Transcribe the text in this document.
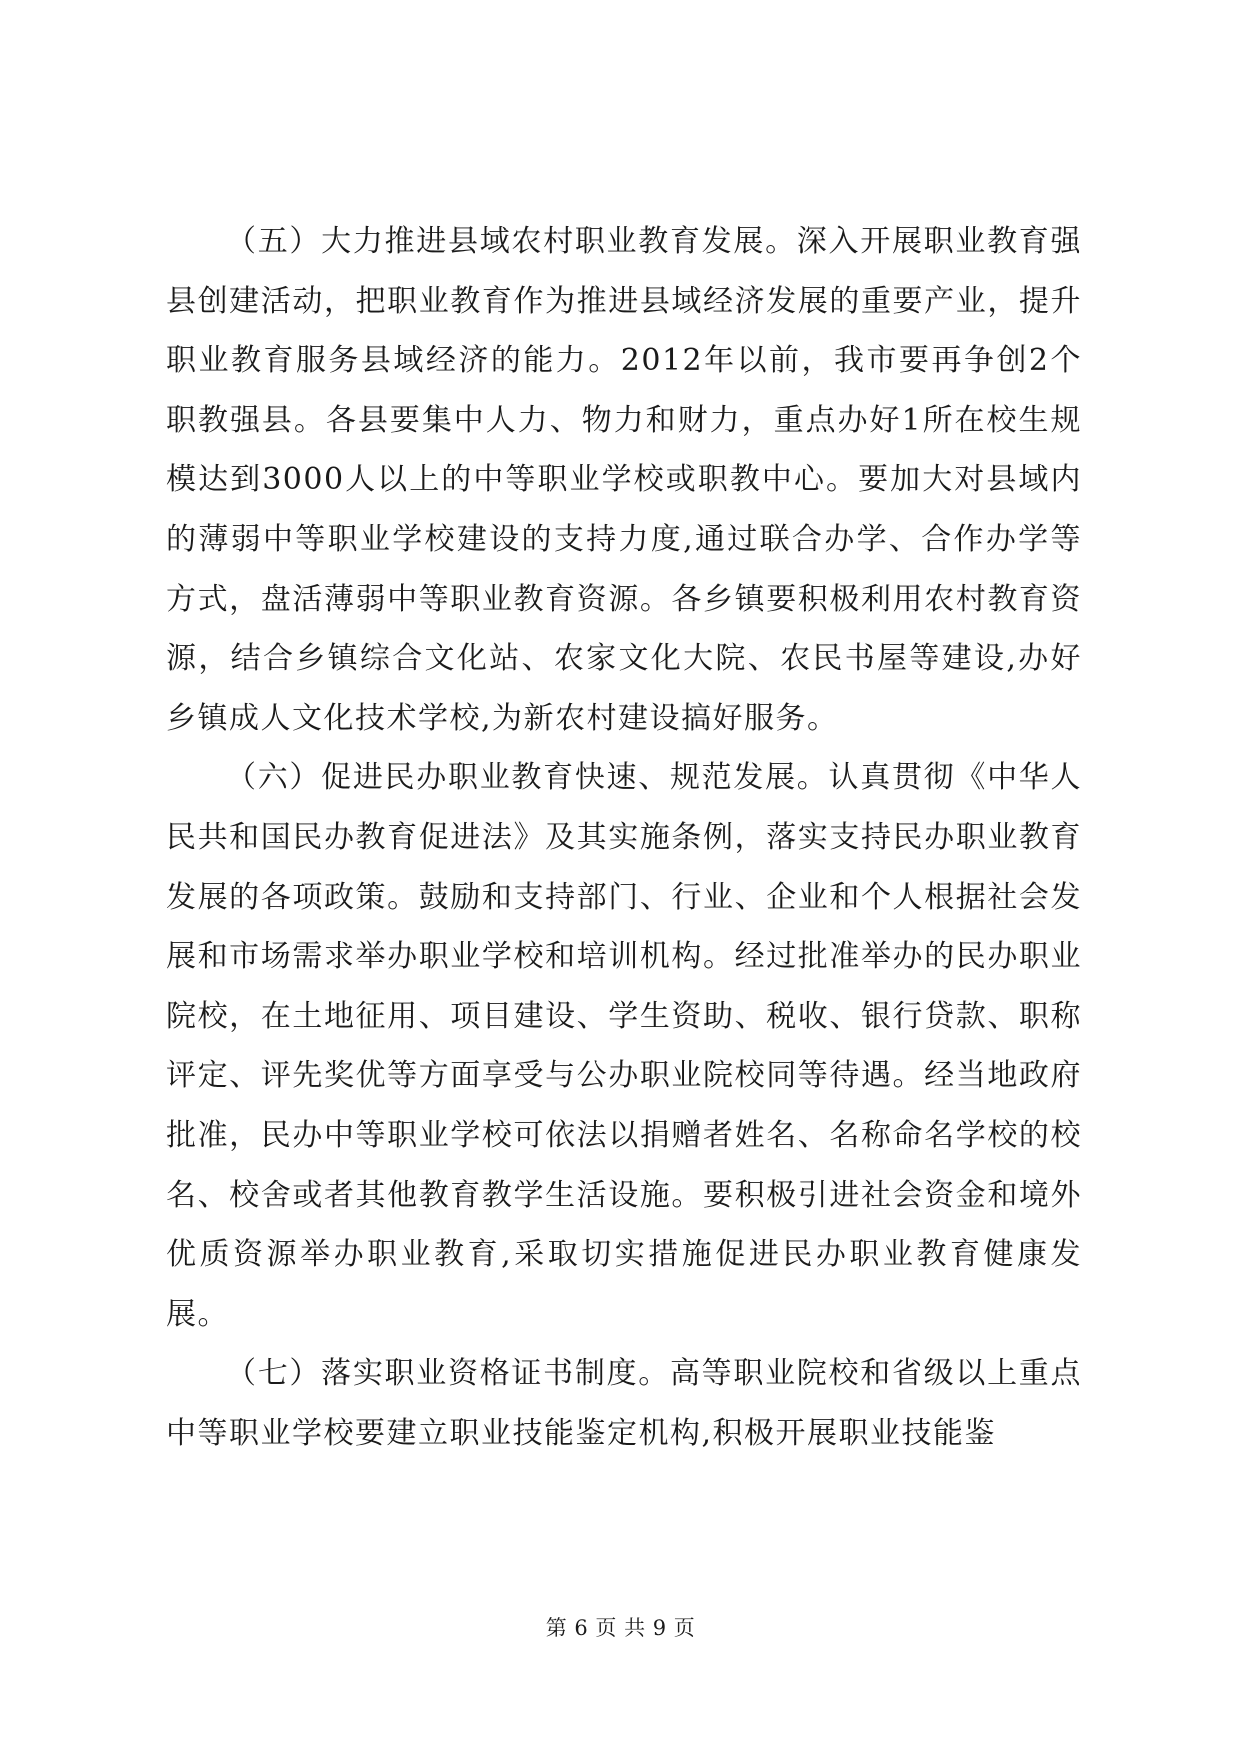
（五）大力推进县域农村职业教育发展。深入开展职业教育强县创建活动，把职业教育作为推进县域经济发展的重要产业，提升职业教育服务县域经济的能力。2012年以前，我市要再争创2个职教强县。各县要集中人力、物力和财力，重点办好1所在校生规模达到3000人以上的中等职业学校或职教中心。要加大对县域内的薄弱中等职业学校建设的支持力度,通过联合办学、合作办学等方式，盘活薄弱中等职业教育资源。各乡镇要积极利用农村教育资源，结合乡镇综合文化站、农家文化大院、农民书屋等建设,办好乡镇成人文化技术学校,为新农村建设搞好服务。

（六）促进民办职业教育快速、规范发展。认真贯彻《中华人民共和国民办教育促进法》及其实施条例，落实支持民办职业教育发展的各项政策。鼓励和支持部门、行业、企业和个人根据社会发展和市场需求举办职业学校和培训机构。经过批准举办的民办职业院校，在土地征用、项目建设、学生资助、税收、银行贷款、职称评定、评先奖优等方面享受与公办职业院校同等待遇。经当地政府批准，民办中等职业学校可依法以捐赠者姓名、名称命名学校的校名、校舍或者其他教育教学生活设施。要积极引进社会资金和境外优质资源举办职业教育,采取切实措施促进民办职业教育健康发展。

（七）落实职业资格证书制度。高等职业院校和省级以上重点中等职业学校要建立职业技能鉴定机构,积极开展职业技能鉴

第 6 页 共 9 页
